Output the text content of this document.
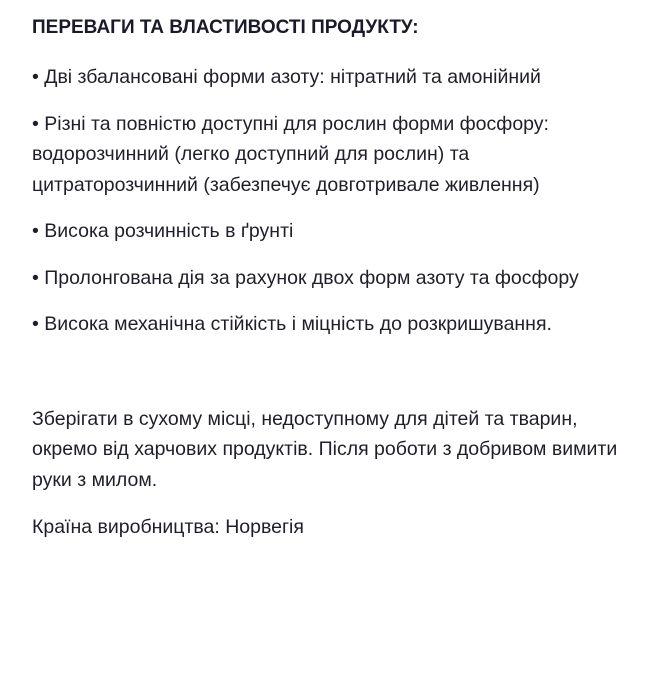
ПЕРЕВАГИ ТА ВЛАСТИВОСТІ ПРОДУКТУ:
• Дві збалансовані форми азоту: нітратний та амонійний
• Різні та повністю доступні для рослин форми фосфору: водорозчинний (легко доступний для рослин) та цитраторозчинний (забезпечує довготривале живлення)
• Висока розчинність в ґрунті
• Пролонгована дія за рахунок двох форм азоту та фосфору
• Висока механічна стійкість і міцність до розкришування.

Зберігати в сухому місці, недоступному для дітей та тварин, окремо від харчових продуктів. Після роботи з добривом вимити руки з милом.

Країна виробництва: Норвегія
